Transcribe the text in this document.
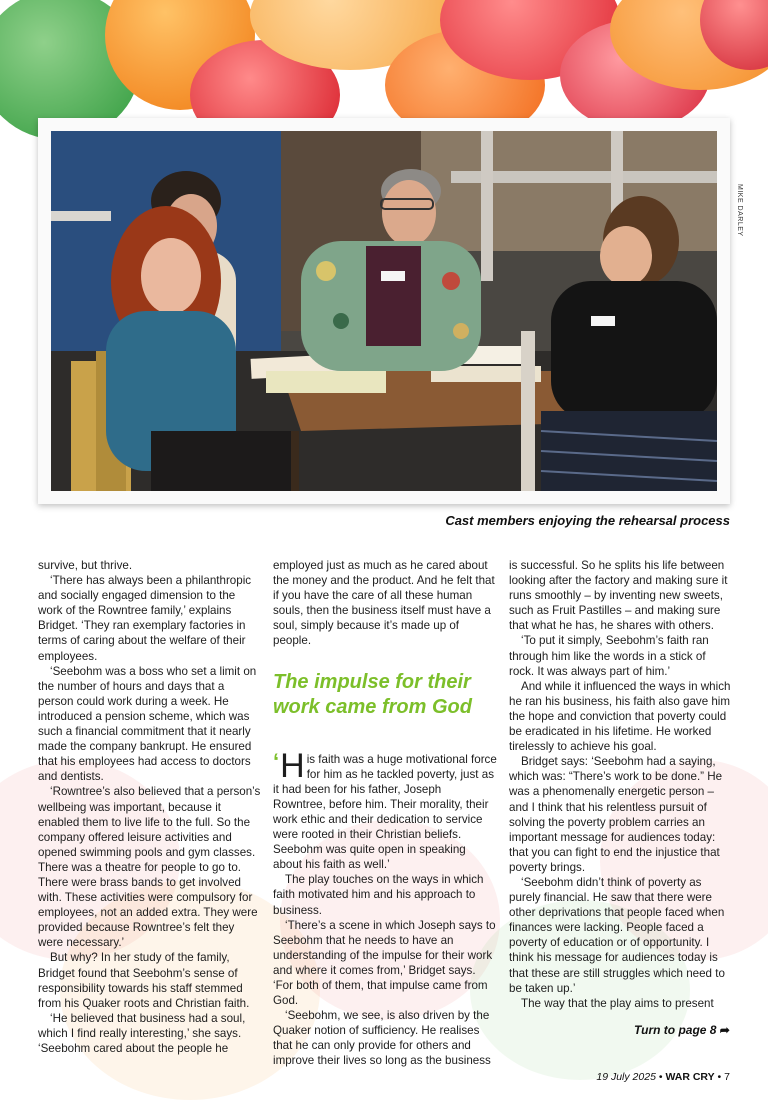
MIKE DARLEY
Cast members enjoying the rehearsal process

survive, but thrive.

‘There has always been a philanthropic and socially engaged dimension to the work of the Rowntree family,’ explains Bridget. ‘They ran exemplary factories in terms of caring about the welfare of their employees.

‘Seebohm was a boss who set a limit on the number of hours and days that a person could work during a week. He introduced a pension scheme, which was such a financial commitment that it nearly made the company bankrupt. He ensured that his employees had access to doctors and dentists.

‘Rowntree’s also believed that a person’s wellbeing was important, because it enabled them to live life to the full. So the company offered leisure activities and opened swimming pools and gym classes. There was a theatre for people to go to. There were brass bands to get involved with. These activities were compulsory for employees, not an added extra. They were provided because Rowntree’s felt they were necessary.’

But why? In her study of the family, Bridget found that Seebohm’s sense of responsibility towards his staff stemmed from his Quaker roots and Christian faith.

‘He believed that business had a soul, which I find really interesting,’ she says. ‘Seebohm cared about the people he

employed just as much as he cared about the money and the product. And he felt that if you have the care of all these human souls, then the business itself must have a soul, simply because it’s made up of people.

The impulse for their work came from God

‘ H is faith was a huge motivational force for him as he tackled poverty, just as it had been for his father, Joseph Rowntree, before him. Their morality, their work ethic and their dedication to service were rooted in their Christian beliefs. Seebohm was quite open in speaking about his faith as well.’

The play touches on the ways in which faith motivated him and his approach to business.

‘There’s a scene in which Joseph says to Seebohm that he needs to have an understanding of the impulse for their work and where it comes from,’ Bridget says. ‘For both of them, that impulse came from God.

‘Seebohm, we see, is also driven by the Quaker notion of sufficiency. He realises that he can only provide for others and improve their lives so long as the business

is successful. So he splits his life between looking after the factory and making sure it runs smoothly – by inventing new sweets, such as Fruit Pastilles – and making sure that what he has, he shares with others.

‘To put it simply, Seebohm’s faith ran through him like the words in a stick of rock. It was always part of him.’

And while it influenced the ways in which he ran his business, his faith also gave him the hope and conviction that poverty could be eradicated in his lifetime. He worked tirelessly to achieve his goal.

Bridget says: ‘Seebohm had a saying, which was: “There’s work to be done.” He was a phenomenally energetic person – and I think that his relentless pursuit of solving the poverty problem carries an important message for audiences today: that you can fight to end the injustice that poverty brings.

‘Seebohm didn’t think of poverty as purely financial. He saw that there were other deprivations that people faced when finances were lacking. People faced a poverty of education or of opportunity. I think his message for audiences today is that these are still struggles which need to be taken up.’

The way that the play aims to present

Turn to page 8 ➦
19 July 2025 • WAR CRY • 7
